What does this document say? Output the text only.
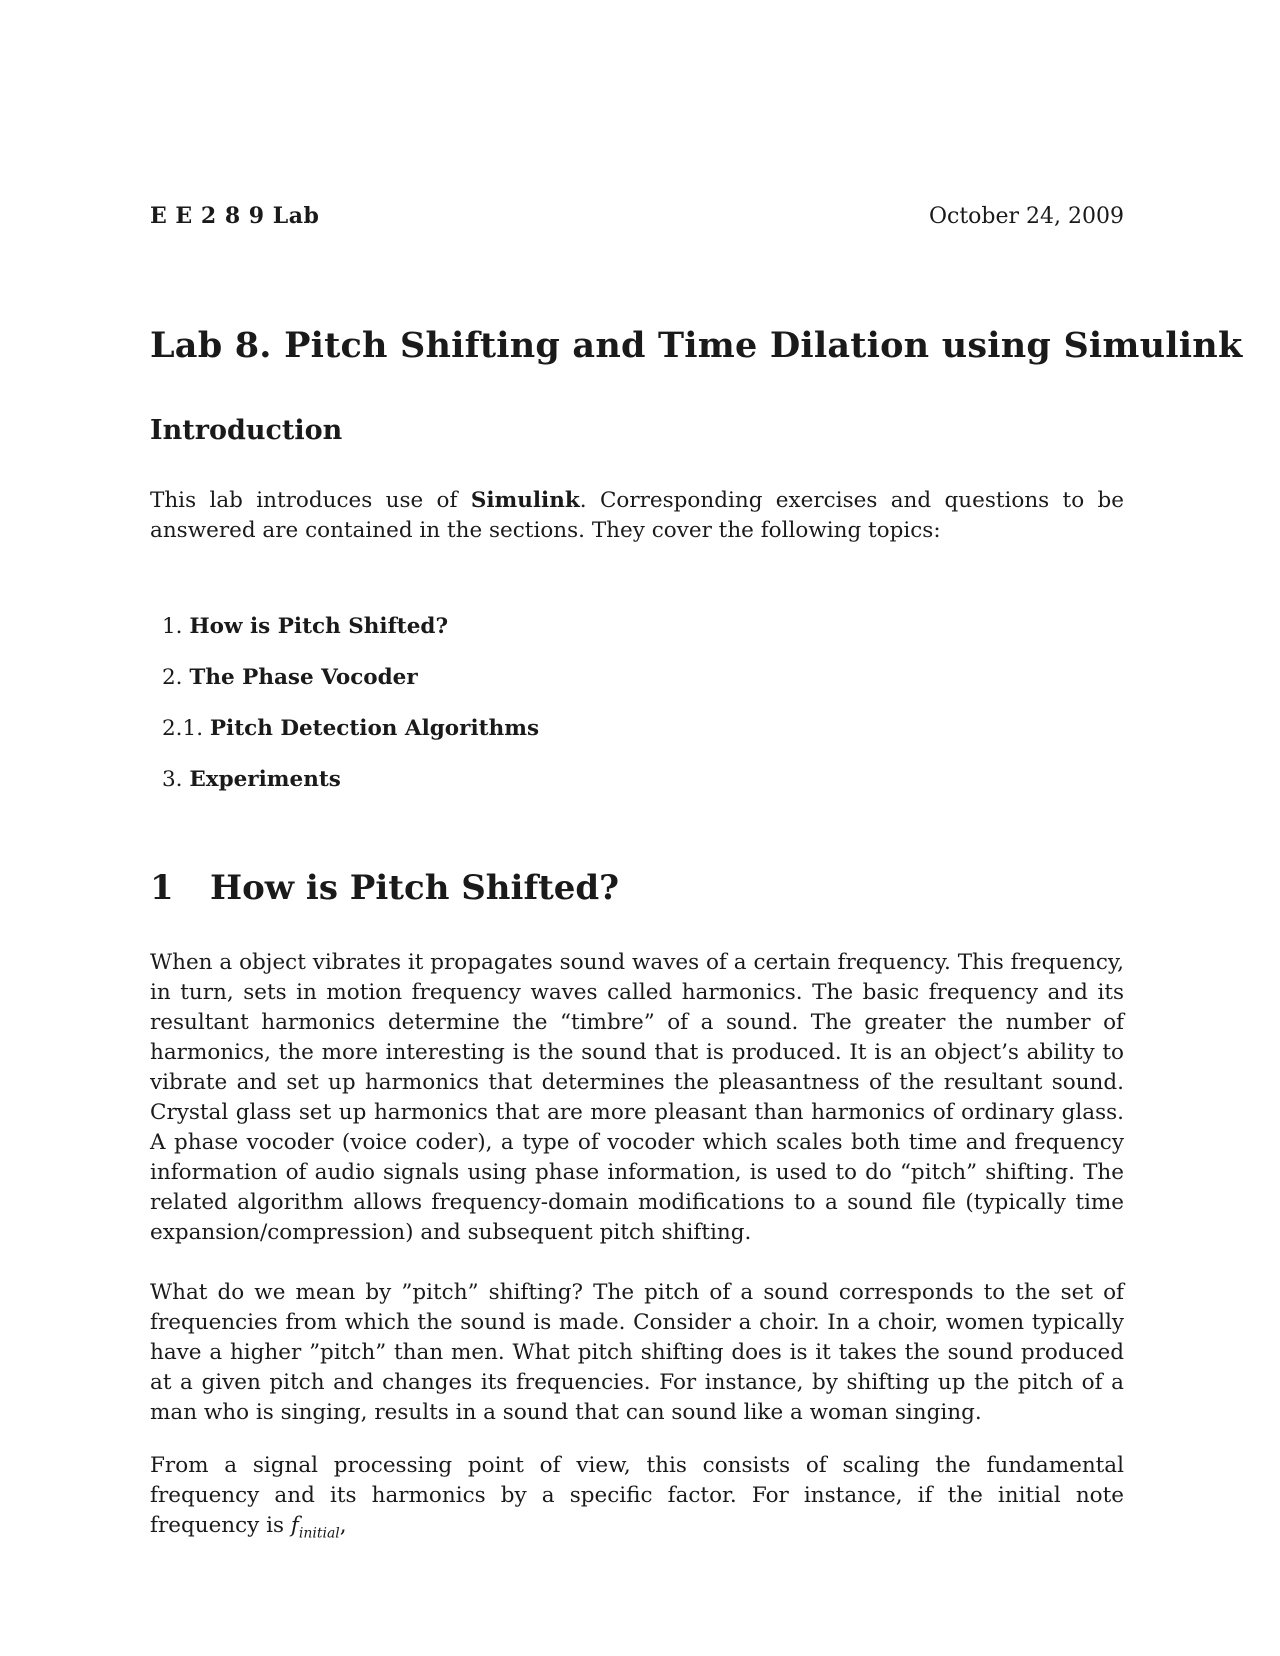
E E 2 8 9 Lab	October 24, 2009
Lab 8. Pitch Shifting and Time Dilation using Simulink
Introduction

This lab introduces use of Simulink. Corresponding exercises and questions to be answered are contained in the sections. They cover the following topics:

1. How is Pitch Shifted?
2. The Phase Vocoder
2.1. Pitch Detection Algorithms
3. Experiments
1 How is Pitch Shifted?

When a object vibrates it propagates sound waves of a certain frequency. This frequency, in turn, sets in motion frequency waves called harmonics. The basic frequency and its resultant harmonics determine the “timbre” of a sound. The greater the number of harmonics, the more interesting is the sound that is produced. It is an object’s ability to vibrate and set up harmonics that determines the pleasantness of the resultant sound. Crystal glass set up harmonics that are more pleasant than harmonics of ordinary glass. A phase vocoder (voice coder), a type of vocoder which scales both time and frequency information of audio signals using phase information, is used to do “pitch” shifting. The related algorithm allows frequency-domain modifications to a sound file (typically time expansion/compression) and subsequent pitch shifting.

What do we mean by ”pitch” shifting? The pitch of a sound corresponds to the set of frequencies from which the sound is made. Consider a choir. In a choir, women typically have a higher ”pitch” than men. What pitch shifting does is it takes the sound produced at a given pitch and changes its frequencies. For instance, by shifting up the pitch of a man who is singing, results in a sound that can sound like a woman singing.

From a signal processing point of view, this consists of scaling the fundamental frequency and its harmonics by a specific factor. For instance, if the initial note frequency is $f_{initial}$,
